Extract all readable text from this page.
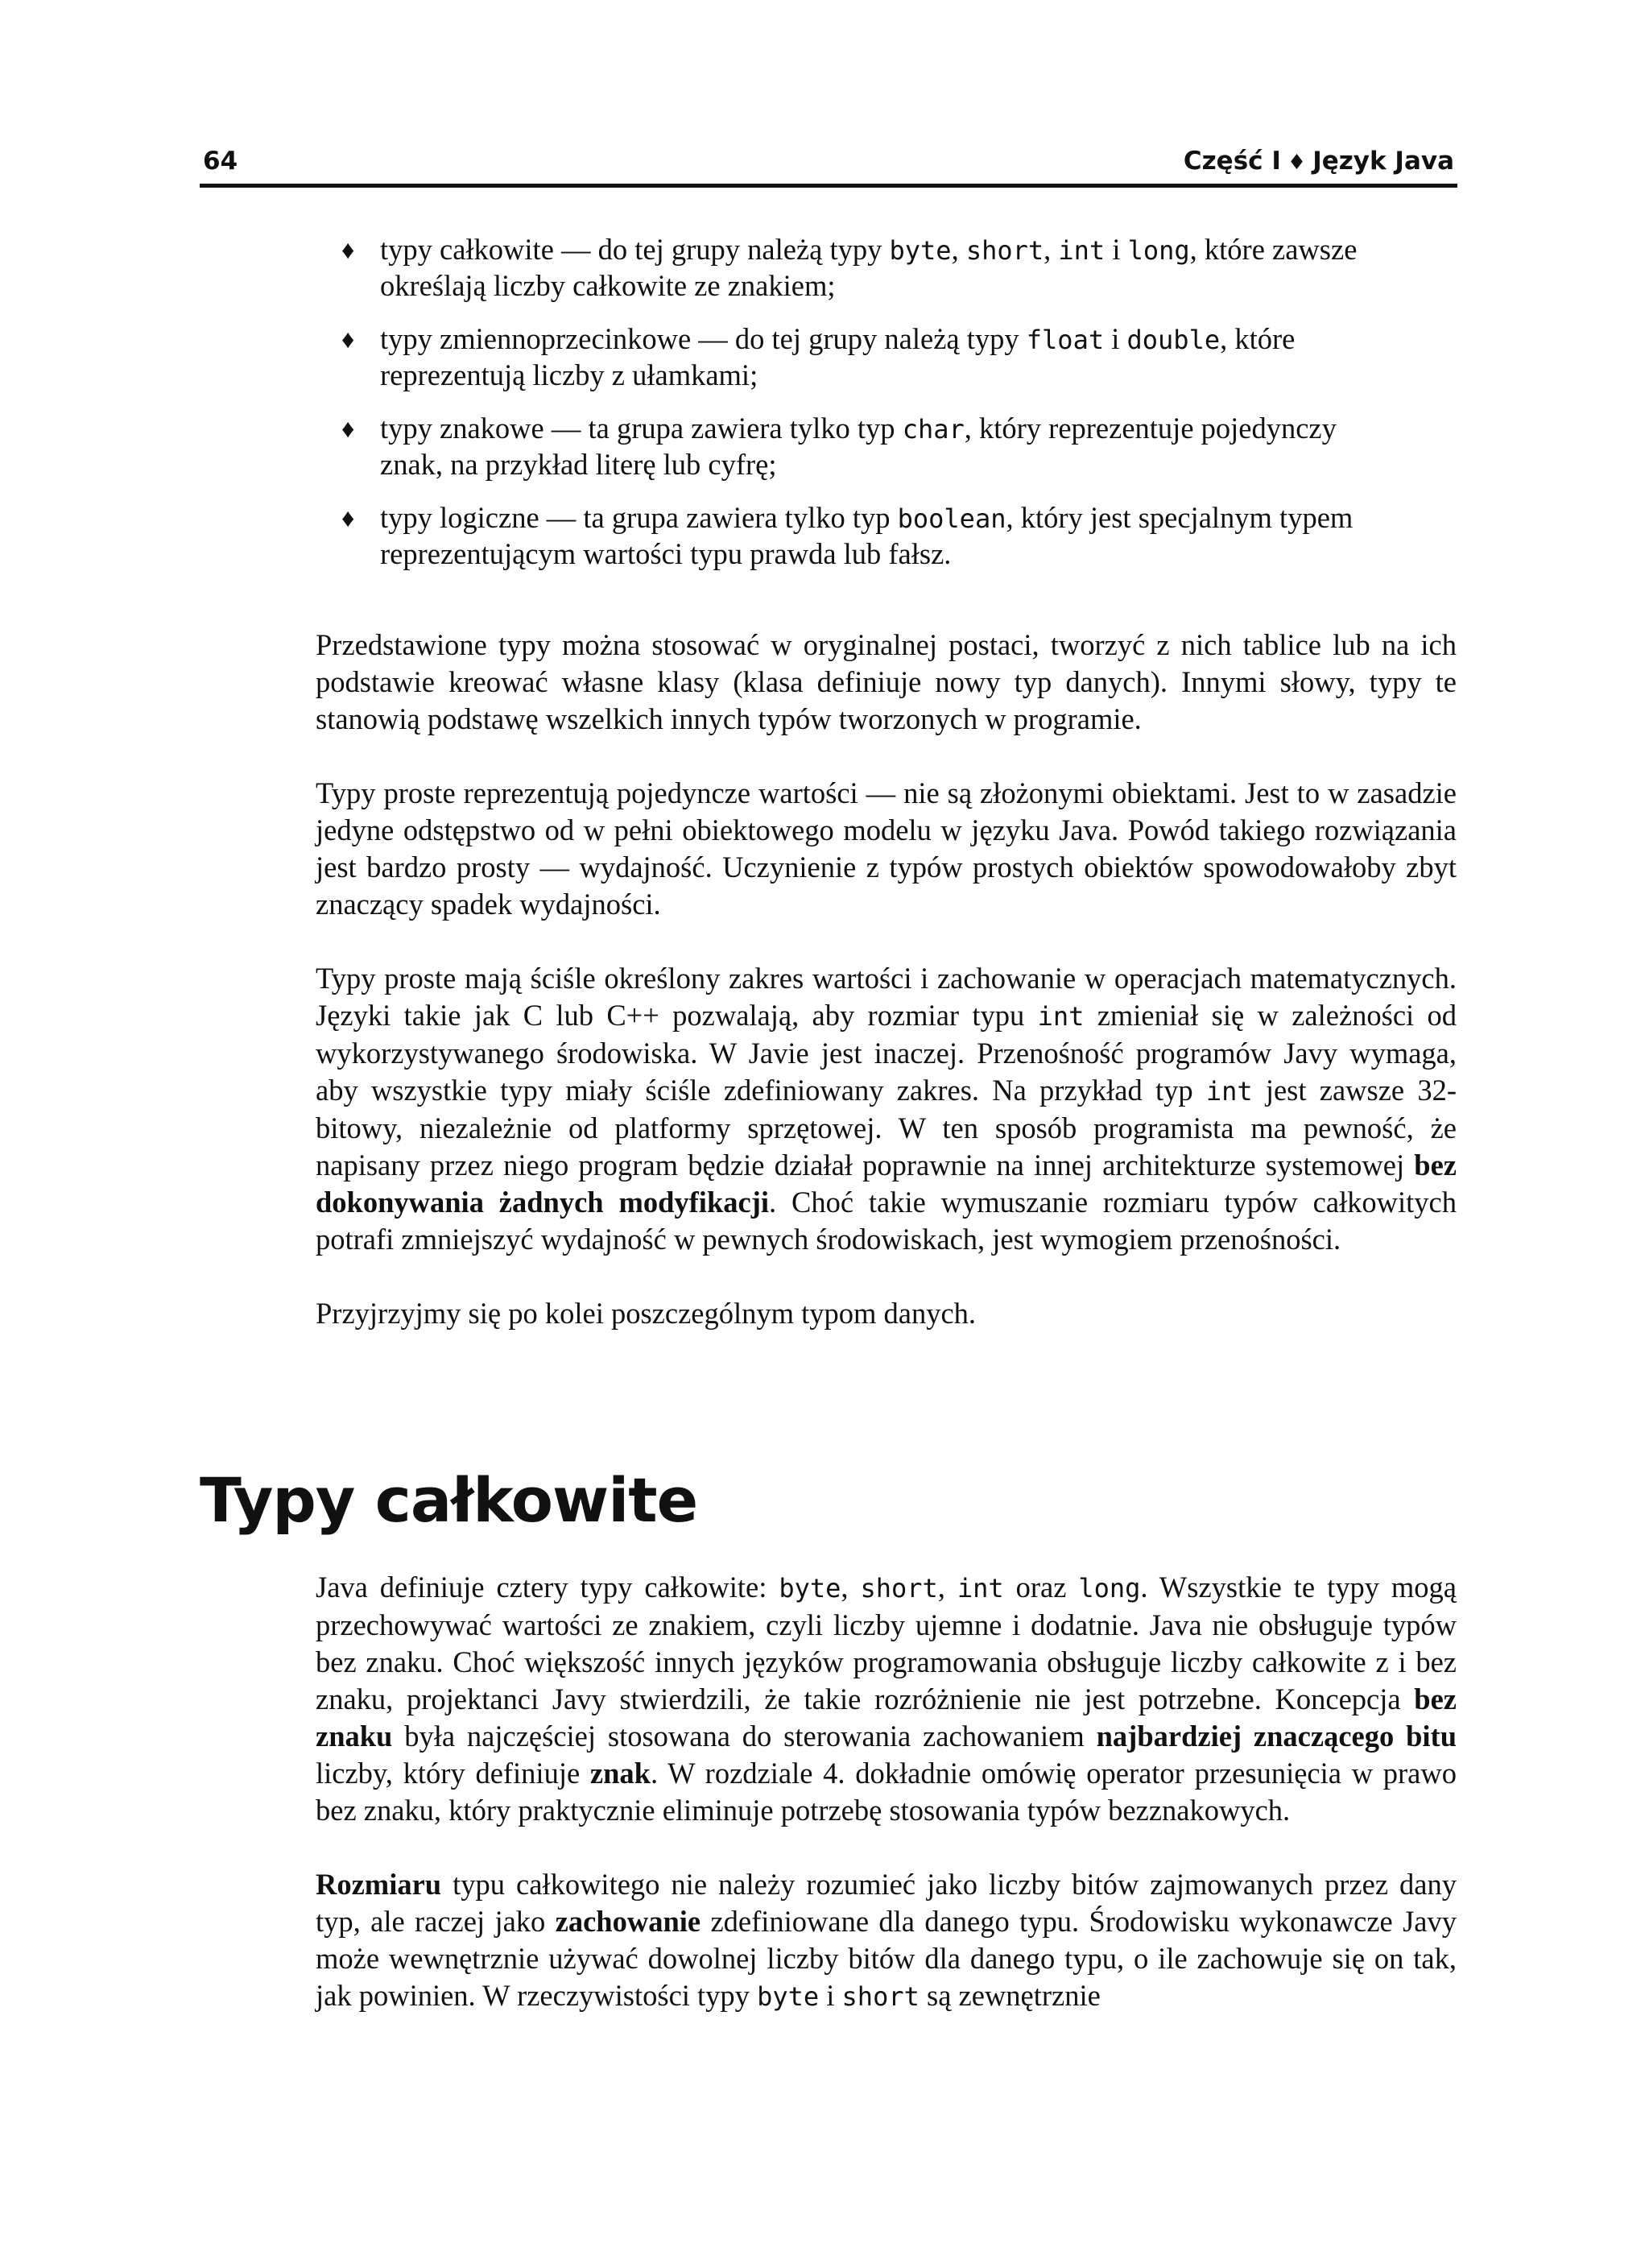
64	Część I ♦ Język Java
♦ typy całkowite — do tej grupy należą typy byte, short, int i long, które zawsze określają liczby całkowite ze znakiem;
♦ typy zmiennoprzecinkowe — do tej grupy należą typy float i double, które reprezentują liczby z ułamkami;
♦ typy znakowe — ta grupa zawiera tylko typ char, który reprezentuje pojedynczy znak, na przykład literę lub cyfrę;
♦ typy logiczne — ta grupa zawiera tylko typ boolean, który jest specjalnym typem reprezentującym wartości typu prawda lub fałsz.

Przedstawione typy można stosować w oryginalnej postaci, tworzyć z nich tablice lub na ich podstawie kreować własne klasy (klasa definiuje nowy typ danych). Innymi słowy, typy te stanowią podstawę wszelkich innych typów tworzonych w programie.

Typy proste reprezentują pojedyncze wartości — nie są złożonymi obiektami. Jest to w zasadzie jedyne odstępstwo od w pełni obiektowego modelu w języku Java. Powód takiego rozwiązania jest bardzo prosty — wydajność. Uczynienie z typów prostych obiektów spowodowałoby zbyt znaczący spadek wydajności.

Typy proste mają ściśle określony zakres wartości i zachowanie w operacjach matematycznych. Języki takie jak C lub C++ pozwalają, aby rozmiar typu int zmieniał się w zależności od wykorzystywanego środowiska. W Javie jest inaczej. Przenośność programów Javy wymaga, aby wszystkie typy miały ściśle zdefiniowany zakres. Na przykład typ int jest zawsze 32-bitowy, niezależnie od platformy sprzętowej. W ten sposób programista ma pewność, że napisany przez niego program będzie działał poprawnie na innej architekturze systemowej bez dokonywania żadnych modyfikacji. Choć takie wymuszanie rozmiaru typów całkowitych potrafi zmniejszyć wydajność w pewnych środowiskach, jest wymogiem przenośności.

Przyjrzyjmy się po kolei poszczególnym typom danych.

Typy całkowite

Java definiuje cztery typy całkowite: byte, short, int oraz long. Wszystkie te typy mogą przechowywać wartości ze znakiem, czyli liczby ujemne i dodatnie. Java nie obsługuje typów bez znaku. Choć większość innych języków programowania obsługuje liczby całkowite z i bez znaku, projektanci Javy stwierdzili, że takie rozróżnienie nie jest potrzebne. Koncepcja bez znaku była najczęściej stosowana do sterowania zachowaniem najbardziej znaczącego bitu liczby, który definiuje znak. W rozdziale 4. dokładnie omówię operator przesunięcia w prawo bez znaku, który praktycznie eliminuje potrzebę stosowania typów bezznakowych.

Rozmiaru typu całkowitego nie należy rozumieć jako liczby bitów zajmowanych przez dany typ, ale raczej jako zachowanie zdefiniowane dla danego typu. Środowisku wykonawcze Javy może wewnętrznie używać dowolnej liczby bitów dla danego typu, o ile zachowuje się on tak, jak powinien. W rzeczywistości typy byte i short są zewnętrznie
